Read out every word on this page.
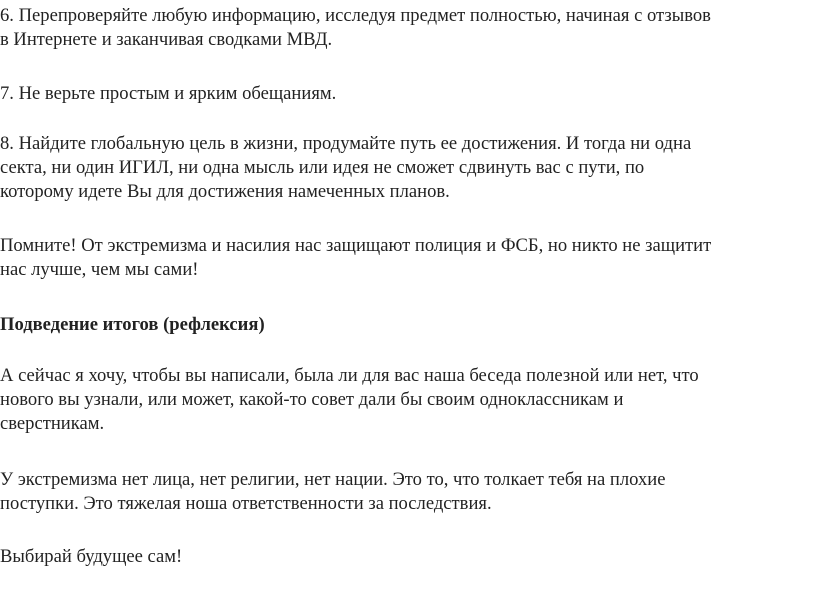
6. Перепроверяйте любую информацию, исследуя предмет полностью, начиная с отзывов
в Интернете и заканчивая сводками МВД.

7. Не верьте простым и ярким обещаниям.

8. Найдите глобальную цель в жизни, продумайте путь ее достижения. И тогда ни одна
секта, ни один ИГИЛ, ни одна мысль или идея не сможет сдвинуть вас с пути, по
которому идете Вы для достижения намеченных планов.

Помните! От экстремизма и насилия нас защищают полиция и ФСБ, но никто не защитит
нас лучше, чем мы сами!

Подведение итогов (рефлексия)

А сейчас я хочу, чтобы вы написали, была ли для вас наша беседа полезной или нет, что
нового вы узнали, или может, какой-то совет дали бы своим одноклассникам и
сверстникам.

У экстремизма нет лица, нет религии, нет нации. Это то, что толкает тебя на плохие
поступки. Это тяжелая ноша ответственности за последствия.

Выбирай будущее сам!
